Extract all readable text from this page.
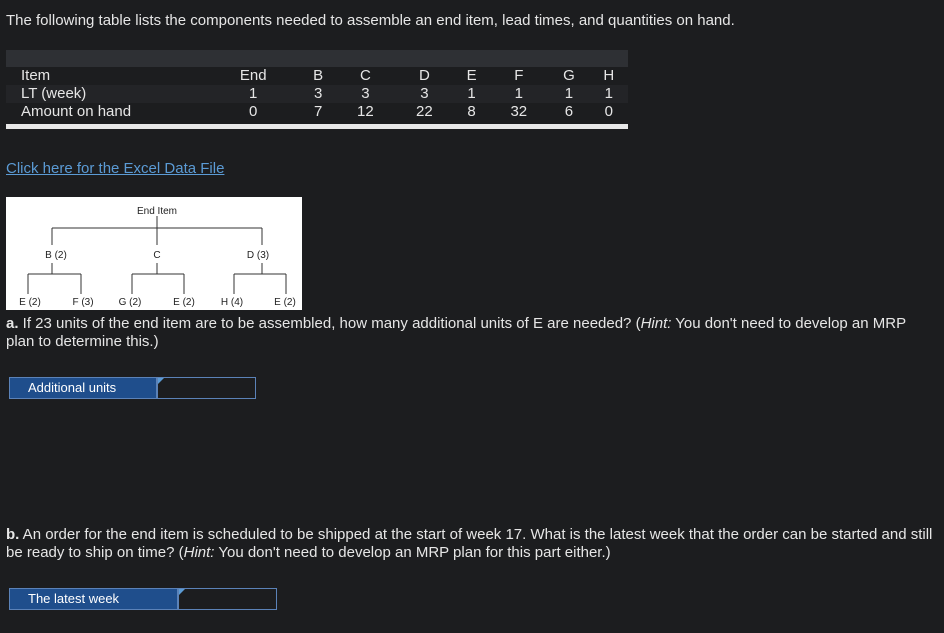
The following table lists the components needed to assemble an end item, lead times, and quantities on hand.
Item	End	B	C	D	E	F	G	H
LT (week)	1	3	3	3	1	1	1	1
Amount on hand	0	7	12	22	8	32	6	0
Click here for the Excel Data File
End Item
B (2)	C	D (3)
E (2)	F (3)	G (2)	E (2)	H (4)	E (2)
a. If 23 units of the end item are to be assembled, how many additional units of E are needed? (Hint: You don't need to develop an MRP plan to determine this.)
Additional units
b. An order for the end item is scheduled to be shipped at the start of week 17. What is the latest week that the order can be started and still be ready to ship on time? (Hint: You don't need to develop an MRP plan for this part either.)
The latest week
